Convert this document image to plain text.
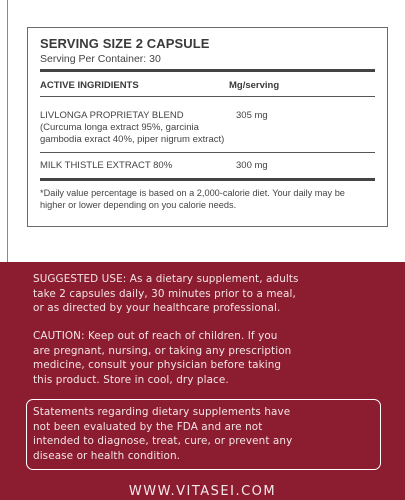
SERVING SIZE 2 CAPSULE
Serving Per Container: 30
ACTIVE INGRIDIENTS	Mg/serving
LIVLONGA PROPRIETAY BLEND	305 mg
(Curcuma longa extract 95%, garcinia
gambodia exract 40%, piper nigrum extract)
MILK THISTLE EXTRACT 80%	300 mg
*Daily value percentage is based on a 2,000-calorie diet. Your daily may be
higher or lower depending on you calorie needs.
SUGGESTED USE: As a dietary supplement, adults
take 2 capsules daily, 30 minutes prior to a meal,
or as directed by your healthcare professional.
CAUTION: Keep out of reach of children. If you
are pregnant, nursing, or taking any prescription
medicine, consult your physician before taking
this product. Store in cool, dry place.
Statements regarding dietary supplements have
not been evaluated by the FDA and are not
intended to diagnose, treat, cure, or prevent any
disease or health condition.
WWW.VITASEI.COM
